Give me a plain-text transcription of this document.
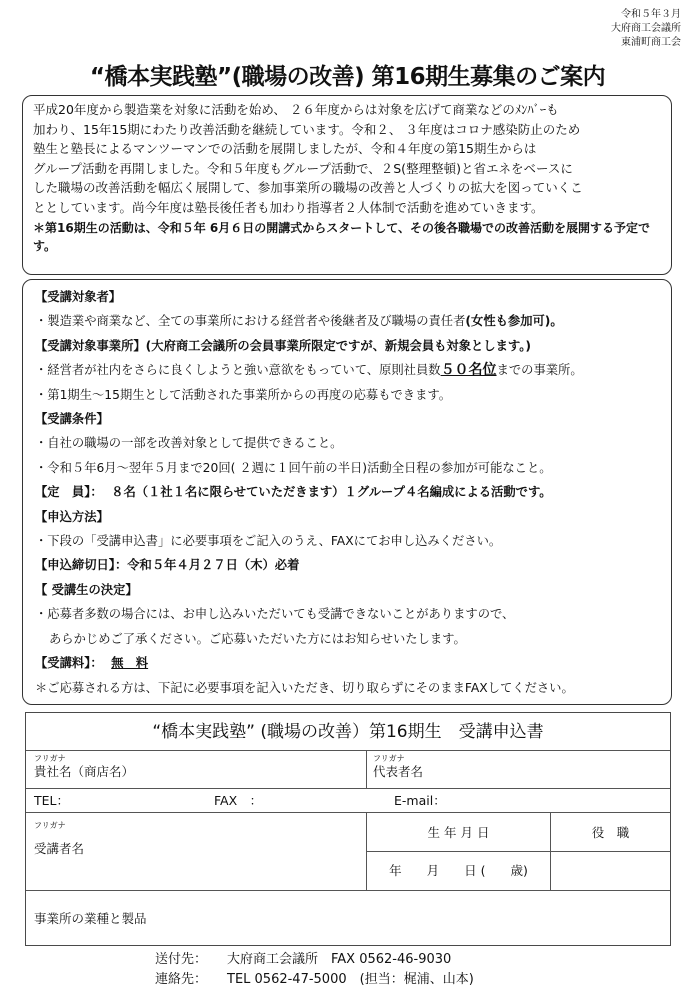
令和５年３月
大府商工会議所
東浦町商工会
“橋本実践塾”(職場の改善) 第16期生募集のご案内

平成20年度から製造業を対象に活動を始め、 ２６年度からは対象を広げて商業などのﾒﾝﾊﾞｰも

加わり、15年15期にわたり改善活動を継続しています。令和２、 ３年度はコロナ感染防止のため

塾生と塾長によるマンツーマンでの活動を展開しましたが、令和４年度の第15期生からは

グループ活動を再開しました。令和５年度もグループ活動で、２S(整理整頓)と省エネをベースに

した職場の改善活動を幅広く展開して、参加事業所の職場の改善と人づくりの拡大を図っていくこ

ととしています。尚今年度は塾長後任者も加わり指導者２人体制で活動を進めていきます。

＊第16期生の活動は、令和５年 6月６日の開講式からスタートして、その後各職場での改善活動を展開する予定です。

【受講対象者】
・製造業や商業など、全ての事業所における経営者や後継者及び職場の責任者(女性も参加可)。
【受講対象事業所】(大府商工会議所の会員事業所限定ですが、新規会員も対象とします。)
・経営者が社内をさらに良くしようと強い意欲をもっていて、原則社員数５０名位までの事業所。
・第1期生～15期生として活動された事業所からの再度の応募もできます。
【受講条件】
・自社の職場の一部を改善対象として提供できること。
・令和５年6月～翌年５月まで20回( ２週に１回午前の半日)活動全日程の参加が可能なこと。
【定　員】： ８名（１社１名に限らせていただきます）１グループ４名編成による活動です。
【申込方法】
・下段の「受講申込書」に必要事項をご記入のうえ、FAXにてお申し込みください。
【申込締切日】：令和５年４月２７日（木）必着
【 受講生の決定】
・応募者多数の場合には、お申し込みいただいても受講できないことがありますので、
あらかじめご了承ください。ご応募いただいた方にはお知らせいたします。
【受講料】： 無　料
＊ご応募される方は、下記に必要事項を記入いただき、切り取らずにそのままFAXしてください。
“橋本実践塾” (職場の改善）第16期生　受講申込書
フリガナ
貴社名（商店名）
フリガナ
代表者名
TEL：	FAX　：	E-mail：
フリガナ
受講者名
生 年 月 日
年　　月　　日 (　　歳)
役　職
事業所の業種と製品
送付先： 大府商工会議所　FAX 0562-46-9030
連絡先： TEL 0562-47-5000　(担当：梶浦、山本)
